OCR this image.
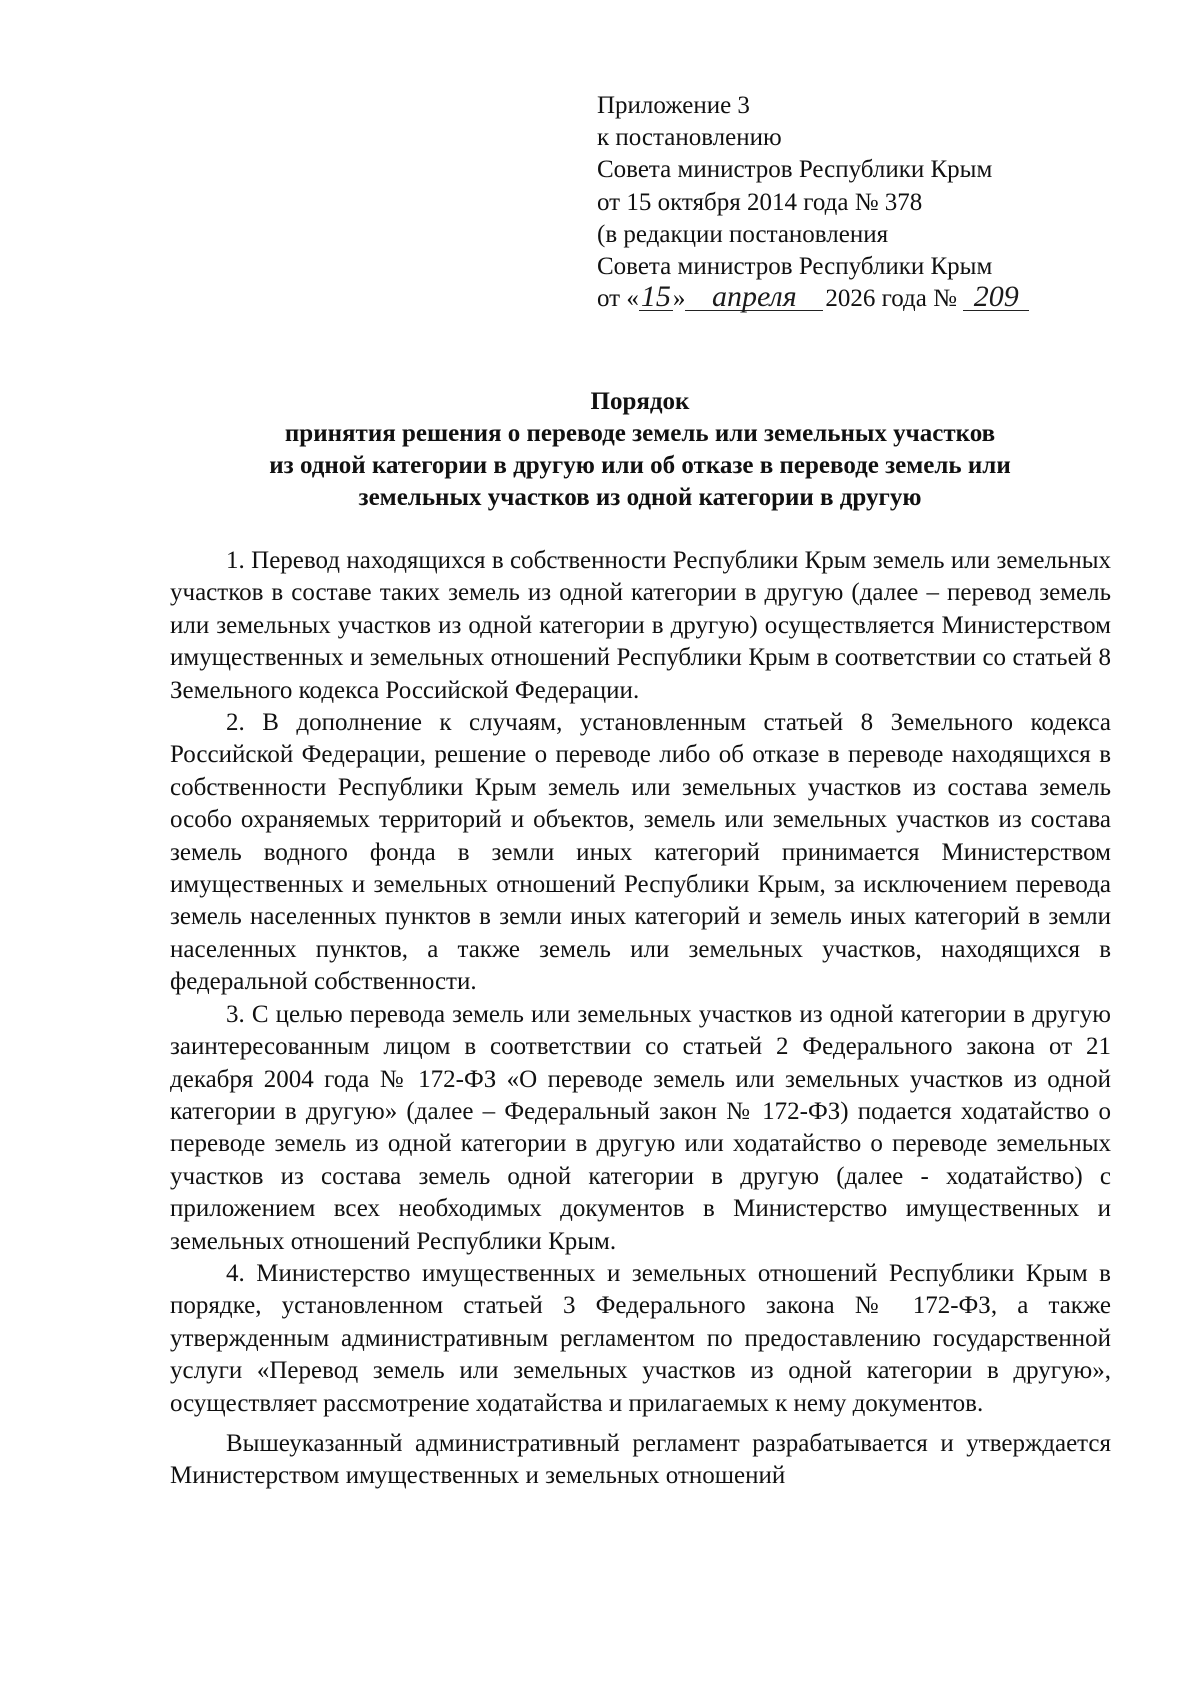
Приложение 3
к постановлению
Совета министров Республики Крым
от 15 октября 2014 года № 378
(в редакции постановления
Совета министров Республики Крым
от «15» апреля 2026 года № 209
Порядок
принятия решения о переводе земель или земельных участков
из одной категории в другую или об отказе в переводе земель или
земельных участков из одной категории в другую

1. Перевод находящихся в собственности Республики Крым земель или земельных участков в составе таких земель из одной категории в другую (далее – перевод земель или земельных участков из одной категории в другую) осуществляется Министерством имущественных и земельных отношений Республики Крым в соответствии со статьей 8 Земельного кодекса Российской Федерации.

2. В дополнение к случаям, установленным статьей 8 Земельного кодекса Российской Федерации, решение о переводе либо об отказе в переводе находящихся в собственности Республики Крым земель или земельных участков из состава земель особо охраняемых территорий и объектов, земель или земельных участков из состава земель водного фонда в земли иных категорий принимается Министерством имущественных и земельных отношений Республики Крым, за исключением перевода земель населенных пунктов в земли иных категорий и земель иных категорий в земли населенных пунктов, а также земель или земельных участков, находящихся в федеральной собственности.

3. С целью перевода земель или земельных участков из одной категории в другую заинтересованным лицом в соответствии со статьей 2 Федерального закона от 21 декабря 2004 года № 172-ФЗ «О переводе земель или земельных участков из одной категории в другую» (далее – Федеральный закон № 172-ФЗ) подается ходатайство о переводе земель из одной категории в другую или ходатайство о переводе земельных участков из состава земель одной категории в другую (далее - ходатайство) с приложением всех необходимых документов в Министерство имущественных и земельных отношений Республики Крым.

4. Министерство имущественных и земельных отношений Республики Крым в порядке, установленном статьей 3 Федерального закона № 172-ФЗ, а также утвержденным административным регламентом по предоставлению государственной услуги «Перевод земель или земельных участков из одной категории в другую», осуществляет рассмотрение ходатайства и прилагаемых к нему документов.

Вышеуказанный административный регламент разрабатывается и утверждается Министерством имущественных и земельных отношений
